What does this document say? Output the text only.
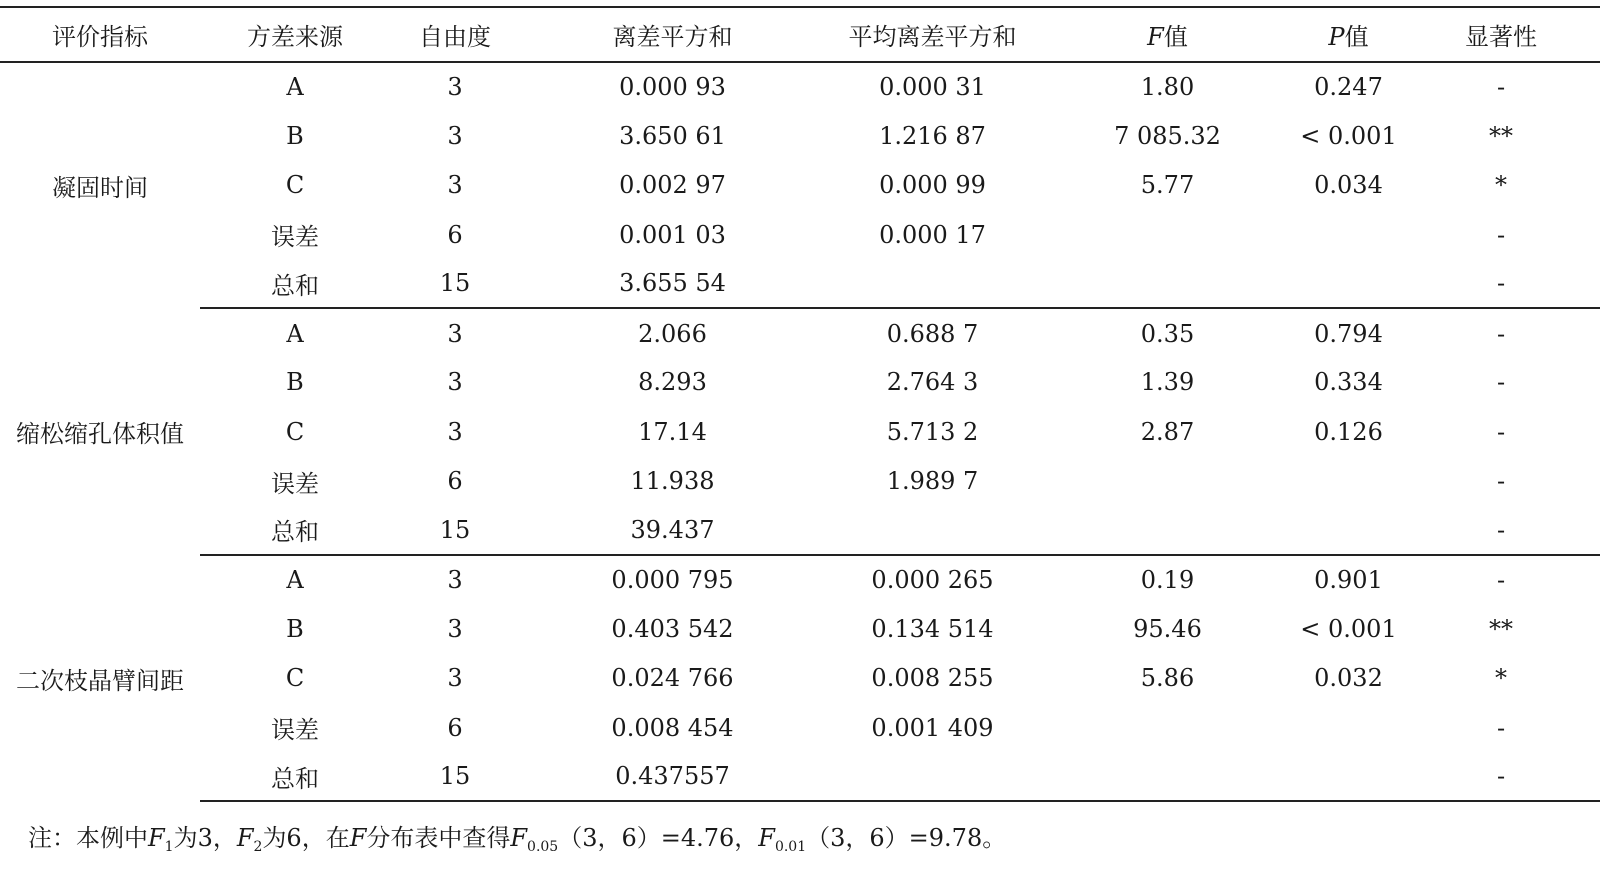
评价指标	方差来源	自由度	离差平方和	平均离差平方和	F值	P值	显著性
凝固时间	A	3	0.000 93	0.000 31	1.80	0.247	-
	B	3	3.650 61	1.216 87	7 085.32	< 0.001	**
	C	3	0.002 97	0.000 99	5.77	0.034	*
	误差	6	0.001 03	0.000 17			-
	总和	15	3.655 54				-
缩松缩孔体积值	A	3	2.066	0.688 7	0.35	0.794	-
	B	3	8.293	2.764 3	1.39	0.334	-
	C	3	17.14	5.713 2	2.87	0.126	-
	误差	6	11.938	1.989 7			-
	总和	15	39.437				-
二次枝晶臂间距	A	3	0.000 795	0.000 265	0.19	0.901	-
	B	3	0.403 542	0.134 514	95.46	< 0.001	**
	C	3	0.024 766	0.008 255	5.86	0.032	*
	误差	6	0.008 454	0.001 409			-
	总和	15	0.437557				-
注：本例中$F_1$为3，$F_2$为6，在F分布表中查得$F_{0.05}(3$，6）=4.76，$F_{0.01}(3$，6）=9.78。
